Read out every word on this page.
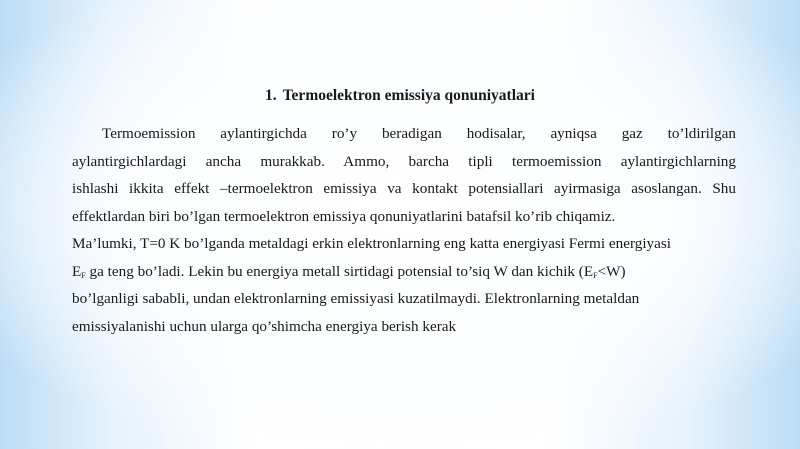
1. Termoelektron emissiya qonuniyatlari
Termoemission aylantirgichda ro’y beradigan hodisalar, ayniqsa gaz to’ldirilgan
aylantirgichlardagi ancha murakkab. Ammo, barcha tipli termoemission aylantirgichlarning
ishlashi ikkita effekt –termoelektron emissiya va kontakt potensiallari ayirmasiga asoslangan. Shu
effektlardan biri bo’lgan termoelektron emissiya qonuniyatlarini batafsil ko’rib chiqamiz.
Ma’lumki, T=0 K bo’lganda metaldagi erkin elektronlarning eng katta energiyasi Fermi energiyasi
$E_F$ ga teng bo’ladi. Lekin bu energiya metall sirtidagi potensial to’siq W dan kichik $(E_F<W)$
bo’lganligi sababli, undan elektronlarning emissiyasi kuzatilmaydi. Elektronlarning metaldan
emissiyalanishi uchun ularga qo’shimcha energiya berish kerak
